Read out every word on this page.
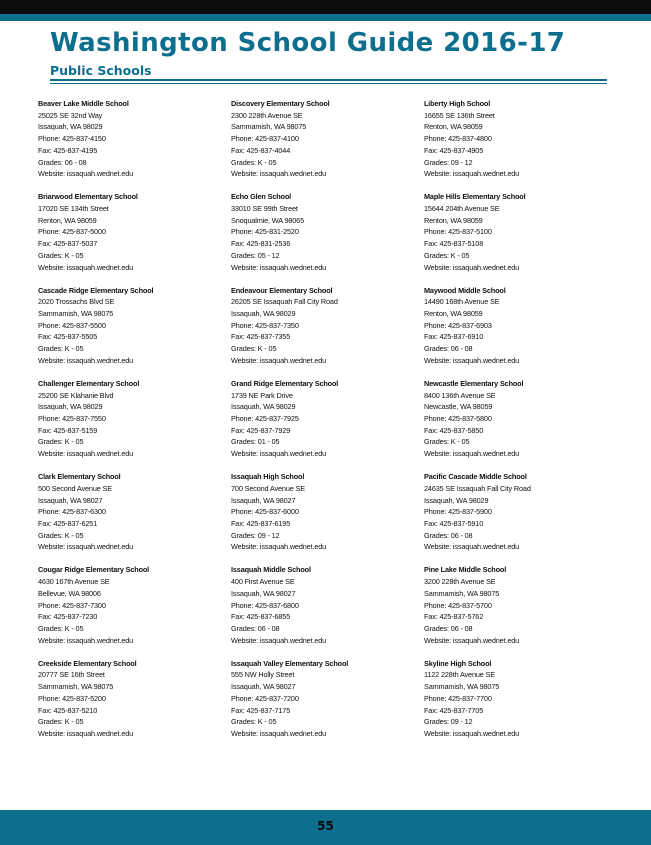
Washington School Guide 2016-17
Public Schools
Beaver Lake Middle School
25025 SE 32nd Way
Issaquah, WA 98029
Phone: 425-837-4150
Fax: 425-837-4195
Grades: 06 - 08
Website: issaquah.wednet.edu
Briarwood Elementary School
17020 SE 134th Street
Renton, WA 98059
Phone: 425-837-5000
Fax: 425-837-5037
Grades: K - 05
Website: issaquah.wednet.edu
Cascade Ridge Elementary School
2020 Trossachs Blvd SE
Sammamish, WA 98075
Phone: 425-837-5500
Fax: 425-837-5505
Grades: K - 05
Website: issaquah.wednet.edu
Challenger Elementary School
25200 SE Klahanie Blvd
Issaquah, WA 98029
Phone: 425-837-7550
Fax: 425-837-5159
Grades: K - 05
Website: issaquah.wednet.edu
Clark Elementary School
500 Second Avenue SE
Issaquah, WA 98027
Phone: 425-837-6300
Fax: 425-837-6251
Grades: K - 05
Website: issaquah.wednet.edu
Cougar Ridge Elementary School
4630 167th Avenue SE
Bellevue, WA 98006
Phone: 425-837-7300
Fax: 425-837-7230
Grades: K - 05
Website: issaquah.wednet.edu
Creekside Elementary School
20777 SE 16th Street
Sammamish, WA 98075
Phone: 425-837-5200
Fax: 425-837-5210
Grades: K - 05
Website: issaquah.wednet.edu
Discovery Elementary School
2300 228th Avenue SE
Sammamish, WA 98075
Phone: 425-837-4100
Fax: 425-837-4044
Grades: K - 05
Website: issaquah.wednet.edu
Echo Glen School
33010 SE 99th Street
Snoqualmie, WA 98065
Phone: 425-831-2520
Fax: 425-831-2536
Grades: 05 - 12
Website: issaquah.wednet.edu
Endeavour Elementary School
26205 SE Issaquah Fall City Road
Issaquah, WA 98029
Phone: 425-837-7350
Fax: 425-837-7355
Grades: K - 05
Website: issaquah.wednet.edu
Grand Ridge Elementary School
1739 NE Park Drive
Issaquah, WA 98029
Phone: 425-837-7925
Fax: 425-837-7929
Grades: 01 - 05
Website: issaquah.wednet.edu
Issaquah High School
700 Second Avenue SE
Issaquah, WA 98027
Phone: 425-837-6000
Fax: 425-837-6195
Grades: 09 - 12
Website: issaquah.wednet.edu
Issaquah Middle School
400 First Avenue SE
Issaquah, WA 98027
Phone: 425-837-6800
Fax: 425-837-6855
Grades: 06 - 08
Website: issaquah.wednet.edu
Issaquah Valley Elementary School
555 NW Holly Street
Issaquah, WA 98027
Phone: 425-837-7200
Fax: 425-837-7175
Grades: K - 05
Website: issaquah.wednet.edu
Liberty High School
16655 SE 136th Street
Renton, WA 98059
Phone: 425-837-4800
Fax: 425-837-4905
Grades: 09 - 12
Website: issaquah.wednet.edu
Maple Hills Elementary School
15644 204th Avenue SE
Renton, WA 98059
Phone: 425-837-5100
Fax: 425-837-5108
Grades: K - 05
Website: issaquah.wednet.edu
Maywood Middle School
14490 168th Avenue SE
Renton, WA 98059
Phone: 425-837-6903
Fax: 425-837-6910
Grades: 06 - 08
Website: issaquah.wednet.edu
Newcastle Elementary School
8400 136th Avenue SE
Newcastle, WA 98059
Phone: 425-837-5800
Fax: 425-837-5850
Grades: K - 05
Website: issaquah.wednet.edu
Pacific Cascade Middle School
24635 SE Issaquah Fall City Road
Issaquah, WA 98029
Phone: 425-837-5900
Fax: 425-837-5910
Grades: 06 - 08
Website: issaquah.wednet.edu
Pine Lake Middle School
3200 228th Avenue SE
Sammamish, WA 98075
Phone: 425-837-5700
Fax: 425-837-5762
Grades: 06 - 08
Website: issaquah.wednet.edu
Skyline High School
1122 228th Avenue SE
Sammamish, WA 98075
Phone: 425-837-7700
Fax: 425-837-7705
Grades: 09 - 12
Website: issaquah.wednet.edu
55
